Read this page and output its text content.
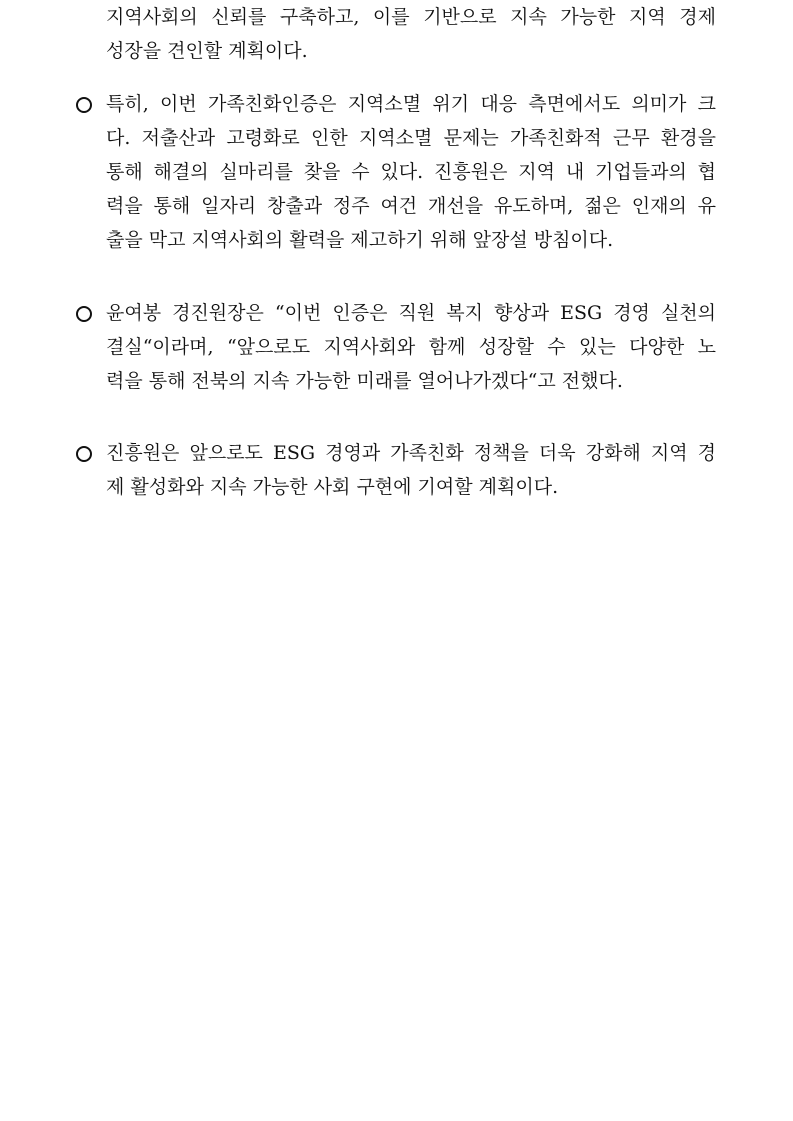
지역사회의 신뢰를 구축하고, 이를 기반으로 지속 가능한 지역 경제
성장을 견인할 계획이다.
특히, 이번 가족친화인증은 지역소멸 위기 대응 측면에서도 의미가 크
다. 저출산과 고령화로 인한 지역소멸 문제는 가족친화적 근무 환경을
통해 해결의 실마리를 찾을 수 있다. 진흥원은 지역 내 기업들과의 협
력을 통해 일자리 창출과 정주 여건 개선을 유도하며, 젊은 인재의 유
출을 막고 지역사회의 활력을 제고하기 위해 앞장설 방침이다.
윤여봉 경진원장은 “이번 인증은 직원 복지 향상과 ESG 경영 실천의
결실“이라며, “앞으로도 지역사회와 함께 성장할 수 있는 다양한 노
력을 통해 전북의 지속 가능한 미래를 열어나가겠다“고 전했다.
진흥원은 앞으로도 ESG 경영과 가족친화 정책을 더욱 강화해 지역 경
제 활성화와 지속 가능한 사회 구현에 기여할 계획이다.
